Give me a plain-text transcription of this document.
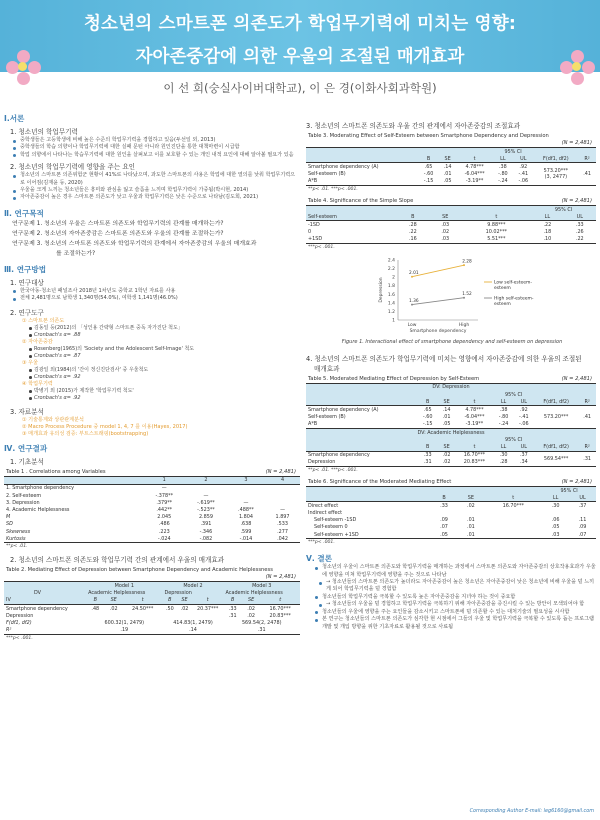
청소년의 스마트폰 의존도가 학업무기력에 미치는 영향:
자아존중감에 의한 우울의 조절된 매개효과
이 선 희(숭실사이버대학교), 이 은 경(이화사회과학원)
Ⅰ.서론
1. 청소년의 학업무기력
중학생들은 고등학생에 비해 높은 수준의 학업무기력을 경험하고 있음(두선일 외, 2013)
중학생들의 학습 의향이나 학업무기력에 대한 실패 문턴 아니라 원인진단을 통한 대책마련이 시급함
학업 의향에서 나타나는 학습무기력에 대한 원인을 살펴보고 이를 보호할 수 있는 개인 내적 요인에 대해 알아볼 필요가 있음
2. 청소년의 학업무기력에 영향을 주는 요인
청소년의 스마트폰 의존위험군 현황이 41%로 나타났으며, 과도한 스마트폰의 사용은 학업에 대한 열의를 낮춰 학업무기력으로 이어짐(김재윤 등, 2020)
우울을 크게 느끼는 청소년들은 흥미와 관심을 잃고 슬픔을 느끼며 학업무기력이 가중됨(박시현, 2014)
자아존중감이 높은 경우 스마트폰 의존도가 낮고 우울과 학업무기력은 낮은 수준으로 나타남(김도희, 2021)
Ⅱ. 연구목적
연구문제 1. 청소년의 우울은 스마트폰 의존도와 학업무기력의 관계를 매개하는가?
연구문제 2. 청소년의 자아존중감은 스마트폰 의존도와 우울의 관계를 조절하는가?
연구문제 3. 청소년의 스마트폰 의존도와 학업무기력의 관계에서 자아존중감의 우울의 매개효과
를 조절하는가?
Ⅲ. 연구방법
1. 연구대상
한국아동·청소년 패널조사 2018년 1차년도 중학교 1학년 자료를 사용
전체 2,481명으로 남학생 1,340명(54.0%), 여학생 1,141명(46.0%)
2. 연구도구
① 스마트폰 의존도
김동일 등(2012)의 「성인용 간략형 스마트폰 중독 자가진단 척도」
Cronbach's α= .88
② 자아존중감
Rosenberg(1965)의 'Society and the Adolescent Self-Image' 척도
Cronbach's α= .87
③ 우울
김광일 외(1984)의 '간이 정신진단검사' 중 우울척도
Cronbach's α= .92
④ 학업무기력
박병기 외 (2015)가 제작한 '학업무기력 척도'
Cronbach's α= .92
3. 자료분석
① 기술통계와 상관관계분석
② Macro Process Procedure 중 model 1, 4, 7 를 이용(Hayes, 2017)
③ 매개효과 유의성 검증: 부트스트래핑(bootstrapping)
Ⅳ. 연구결과
1. 기초분석
Table 1 . Correlations among Variables	(N = 2,481)
	1	2	3	4
1. Smartphone dependency	—			
2. Self-esteem	-.378**	—		
3. Depression	.379**	-.619**	—	
4. Academic Helplessness	.442**	-.523**	.488**	—
M	2.045	2.859	1.804	1.897
SD	.486	.391	.638	.533
Skewness	.223	-.346	.599	.277
Kurtosis	-.024	-.082	-.014	.042
**p< .01.
2. 청소년의 스마트폰 의존도와 학업무기력 간의 관계에서 우울의 매개효과
Table 2. Mediating Effect of Depression between Smartphone Dependency and Academic Helplessness
(N = 2,481)
	Model 1			Model 2			Model 3		
DV	Academic Helplessness			Depression			Academic Helplessness		
IV	B	SE	t	B	SE	t	B	SE	t
Smartphone dependency	.48	.02	24.50***	.50	.02	20.37***	.33	.02	16.70***
Depression							.31	.02	20.83***
F(df1, df2)	600.32(1, 2479)			414.83(1, 2479)			569.54(2, 2478)		
R²	.19			.14			.31		
***p< .001.
3. 청소년의 스마트폰 의존도와 우울 간의 관계에서 자아존중감의 조절효과
Table 3. Moderating Effect of Self-Esteem between Smartphone Dependency and Depression
(N = 2,481)
				95% CI			
	B	SE	t	LL	UL	F(df1, df2)	R²
Smartphone dependency (A)	.65	.14	4.78***	.38	.92	573.20***
(3, 2477)	.41
Self-esteem (B)	-.60	.01	-6.04***	-.80	-.41		
A*B	-.15	.05	-3.19**	-.24	-.06		
**p< .01. ***p< .001.
Table 4. Significance of the Simple Slope	(N = 2,481)
				95% CI	
Self-esteem	B	SE	t	LL	UL
-1SD	.28	.03	9.88***	.22	.33
0	.22	.02	10.02***	.18	.26
+1SD	.16	.03	5.51***	.10	.22
***p< .001.
1
1.2
1.4
1.6
1.8
2
2.2
2.4
Depression
Low	High
Smartphone dependency
2.01
2.28
Low self-esteem-
esteem
1.36
1.52
High self-esteem-
esteem
Figure 1. Interactional effect of smartphone dependency and self-esteem on depression
4. 청소년의 스마트폰 의존도가 학업무기력에 미치는 영향에서 자아존중감에 의한 우울의 조절된
매개효과
Table 5. Moderated Mediating Effect of Depression by Self-Esteem	(N = 2,481)
DV: Depression							
				95% CI			
	B	SE	t	LL	UL	F(df1, df2)	R²
Smartphone dependency (A)	.65	.14	4.78***	.38	.92	573.20***	.41
Self-esteem (B)	-.60	.01	-6.04***	-.80	-.41		
A*B	-.15	.05	-3.19**	-.24	-.06		
DV: Academic Helplessness							
				95% CI			
	B	SE	t	LL	UL	F(df1, df2)	R²
Smartphone dependency	.33	.02	16.70***	.30	.37	569.54***	.31
Depression	.31	.02	20.83***	.28	.34		
**p< .01. ***p< .001.
Table 6. Significance of the Moderated Mediating Effect	(N = 2,481)
				95% CI	
	B	SE	t	LL	UL
Direct effect	.33	.02	16.70***	.30	.37
Indirect effect					
Self-esteem -1SD	.09	.01		.06	.11
Self-esteem 0	.07	.01		.05	.09
Self-esteem +1SD	.05	.01		.03	.07
***p< .001.
Ⅴ. 결론
청소년의 우울이 스마트폰 의존도와 학업무기력을 매개하는 과정에서 스마트폰 의존도와 자아존중감의 상호작용효과가 우울에 영향을 미쳐 학업무기력에 영향을 주는 것으로 나타남
→ 청소년들의 스마트폰 의존도가 높더라도 자아존중감이 높은 청소년은 자아존중감이 낮은 청소년에 비해 우울을 덜 느끼게 되어 학업무기력을 덜 경험함
청소년들의 학업무기력을 극복할 수 있도록 높은 자아존중감을 지녀야 하는 것이 중요함
→ 청소년들의 우울을 덜 경험하고 학업무기력을 극복하기 위해 자아존중감을 증진시킬 수 있는 방안이 모색되어야 함
청소년들의 우울에 영향을 주는 요인들을 감소시키고 스마트폰에 덜 의존할 수 있는 대처기술의 필요성을 시사함
본 연구는 청소년들의 스마트폰 의존도가 심각한 현 시점에서 그들의 우울 및 학업무기력을 극복할 수 있도록 돕는 프로그램 개발 및 개입 방향을 위한 기초자료로 활용될 것으로 사료됨
Corresponding Author E-mail: leg6160@gmail.com
